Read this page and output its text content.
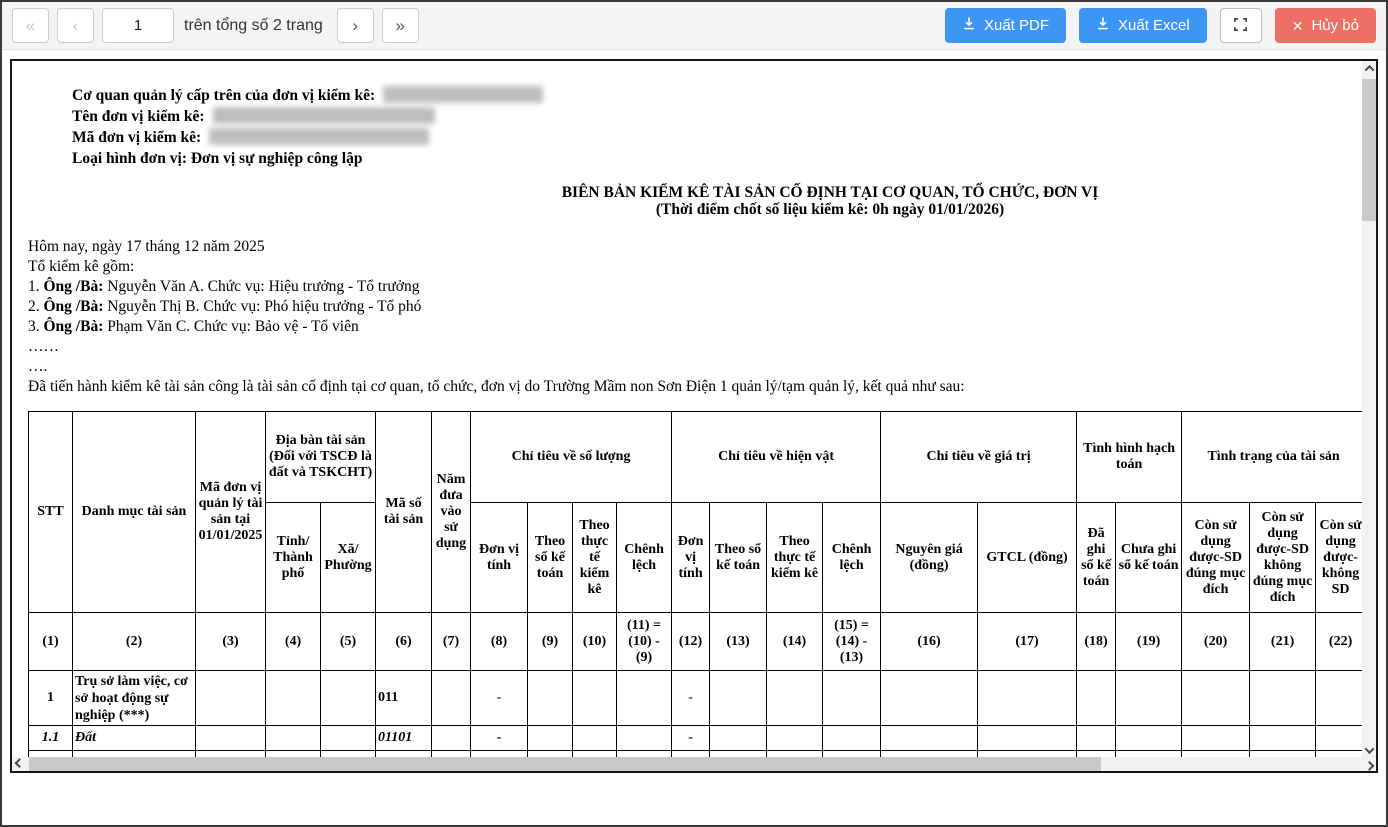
«	‹
1	trên tổng số 2 trang	›	»	Xuất PDF	Xuất Excel	✕ Hủy bỏ
Cơ quan quản lý cấp trên của đơn vị kiểm kê:
Tên đơn vị kiểm kê:
Mã đơn vị kiểm kê:
Loại hình đơn vị: Đơn vị sự nghiệp công lập
BIÊN BẢN KIỂM KÊ TÀI SẢN CỐ ĐỊNH TẠI CƠ QUAN, TỔ CHỨC, ĐƠN VỊ
(Thời điểm chốt số liệu kiểm kê: 0h ngày 01/01/2026)
Hôm nay, ngày 17 tháng 12 năm 2025
Tổ kiểm kê gồm:
1. Ông /Bà: Nguyễn Văn A. Chức vụ: Hiệu trưởng - Tổ trưởng
2. Ông /Bà: Nguyễn Thị B. Chức vụ: Phó hiệu trưởng - Tổ phó
3. Ông /Bà: Phạm Văn C. Chức vụ: Bảo vệ - Tổ viên
……
….
Đã tiến hành kiểm kê tài sản công là tài sản cố định tại cơ quan, tổ chức, đơn vị do Trường Mầm non Sơn Điện 1 quản lý/tạm quản lý, kết quả như sau:
STT	Danh mục tài sản	Mã đơn vị quản lý tài sản tại 01/01/2025	Địa bàn tài sản (Đối với TSCĐ là đất và TSKCHT)		Mã số tài sản	Năm đưa vào sử dụng	Chỉ tiêu về số lượng				Chỉ tiêu về hiện vật				Chỉ tiêu về giá trị		Tình hình hạch toán		Tình trạng của tài sản			
			Tỉnh/ Thành phố	Xã/ Phường			Đơn vị tính	Theo sổ kế toán	Theo thực tế kiểm kê	Chênh lệch	Đơn vị tính	Theo sổ kế toán	Theo thực tế kiểm kê	Chênh lệch	Nguyên giá (đồng)	GTCL (đồng)	Đã ghi sổ kế toán	Chưa ghi sổ kế toán	Còn sử dụng được-SD đúng mục đích	Còn sử dụng được-SD không đúng mục đích	Còn sử dụng được-không SD	
(1)	(2)	(3)	(4)	(5)	(6)	(7)	(8)	(9)	(10)	(11) = (10) - (9)	(12)	(13)	(14)	(15) = (14) - (13)	(16)	(17)	(18)	(19)	(20)	(21)	(22)	
1	Trụ sở làm việc, cơ sở hoạt động sự nghiệp (***)				011		-				-											
1.1	Đất				01101		-				-											
